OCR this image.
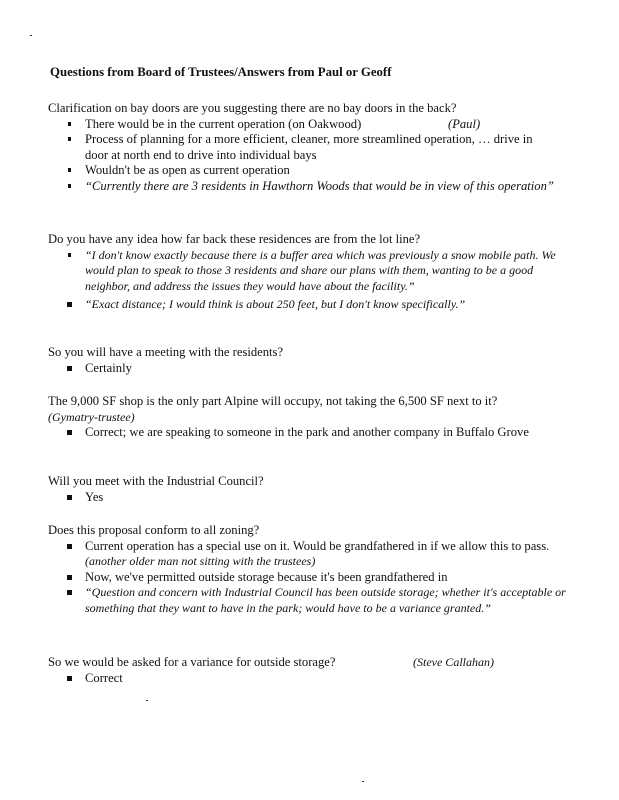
Questions from Board of Trustees/Answers from Paul or Geoff
Clarification on bay doors are you suggesting there are no bay doors in the back?
There would be in the current operation (on Oakwood)	(Paul)
Process of planning for a more efficient, cleaner, more streamlined operation, … drive in door at north end to drive into individual bays
Wouldn't be as open as current operation
“Currently there are 3 residents in Hawthorn Woods that would be in view of this operation”
Do you have any idea how far back these residences are from the lot line?
“I don't know exactly because there is a buffer area which was previously a snow mobile path. We would plan to speak to those 3 residents and share our plans with them, wanting to be a good neighbor, and address the issues they would have about the facility.”
“Exact distance; I would think is about 250 feet, but I don't know specifically.”
So you will have a meeting with the residents?
Certainly
The 9,000 SF shop is the only part Alpine will occupy, not taking the 6,500 SF next to it?
(Gymatry-trustee)
Correct; we are speaking to someone in the park and another company in Buffalo Grove
Will you meet with the Industrial Council?
Yes
Does this proposal conform to all zoning?
Current operation has a special use on it. Would be grandfathered in if we allow this to pass. (another older man not sitting with the trustees)
Now, we've permitted outside storage because it's been grandfathered in
“Question and concern with Industrial Council has been outside storage; whether it's acceptable or something that they want to have in the park; would have to be a variance granted.”
So we would be asked for a variance for outside storage?	(Steve Callahan)
Correct
